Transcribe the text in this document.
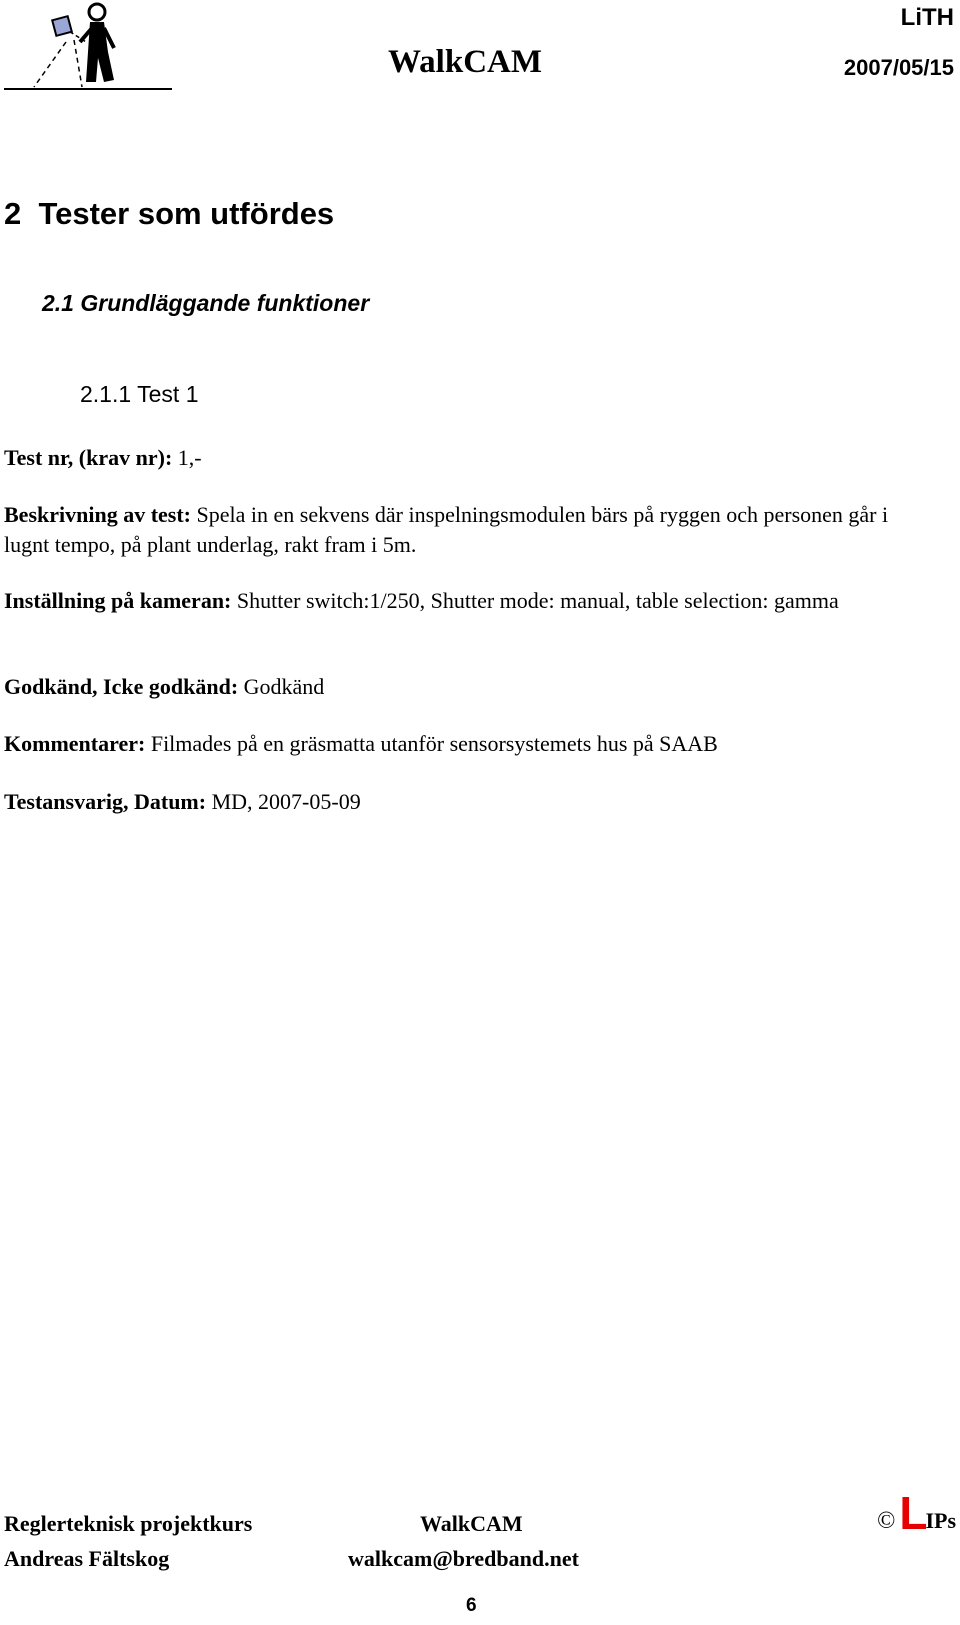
LiTH
WalkCAM	2007/05/15
2  Tester som utfördes
2.1 Grundläggande funktioner
2.1.1 Test 1
Test nr, (krav nr): 1,-
Beskrivning av test: Spela in en sekvens där inspelningsmodulen bärs på ryggen och personen går i lugnt tempo, på plant underlag, rakt fram i 5m.
Inställning på kameran: Shutter switch:1/250, Shutter mode: manual, table selection: gamma
Godkänd, Icke godkänd: Godkänd
Kommentarer: Filmades på en gräsmatta utanför sensorsystemets hus på SAAB
Testansvarig, Datum: MD, 2007-05-09
Reglerteknisk projektkurs
Andreas Fältskog
WalkCAM
walkcam@bredband.net
© L
IPs
6
